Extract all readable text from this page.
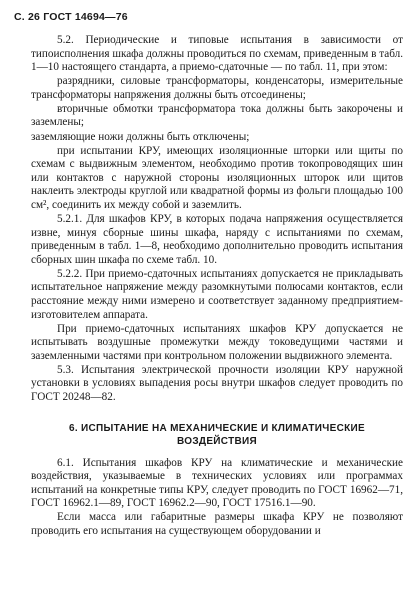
С. 26 ГОСТ 14694—76

5.2. Периодические и типовые испытания в зависимости от типоисполнения шкафа должны проводиться по схемам, приведенным в табл. 1—10 настоящего стандарта, а приемо-сдаточные — по табл. 11, при этом:

разрядники, силовые трансформаторы, конденсаторы, измерительные трансформаторы напряжения должны быть отсоединены;

вторичные обмотки трансформатора тока должны быть закорочены и заземлены;

заземляющие ножи должны быть отключены;

при испытании КРУ, имеющих изоляционные шторки или щиты по схемам с выдвижным элементом, необходимо против токопроводящих шин или контактов с наружной стороны изоляционных шторок или щитов наклеить электроды круглой или квадратной формы из фольги площадью 100 см², соединить их между собой и заземлить.

5.2.1. Для шкафов КРУ, в которых подача напряжения осуществляется извне, минуя сборные шины шкафа, наряду с испытаниями по схемам, приведенным в табл. 1—8, необходимо дополнительно проводить испытания сборных шин шкафа по схеме табл. 10.

5.2.2. При приемо-сдаточных испытаниях допускается не прикладывать испытательное напряжение между разомкнутыми полюсами контактов, если расстояние между ними измерено и соответствует заданному предприятием-изготовителем аппарата.

При приемо-сдаточных испытаниях шкафов КРУ допускается не испытывать воздушные промежутки между токоведущими частями и заземленными частями при контрольном положении выдвижного элемента.

5.3. Испытания электрической прочности изоляции КРУ наружной установки в условиях выпадения росы внутри шкафов следует проводить по ГОСТ 20248—82.

6. ИСПЫТАНИЕ НА МЕХАНИЧЕСКИЕ И КЛИМАТИЧЕСКИЕ ВОЗДЕЙСТВИЯ

6.1. Испытания шкафов КРУ на климатические и механические воздействия, указываемые в технических условиях или программах испытаний на конкретные типы КРУ, следует проводить по ГОСТ 16962—71, ГОСТ 16962.1—89, ГОСТ 16962.2—90, ГОСТ 17516.1—90.

Если масса или габаритные размеры шкафа КРУ не позволяют проводить его испытания на существующем оборудовании и
